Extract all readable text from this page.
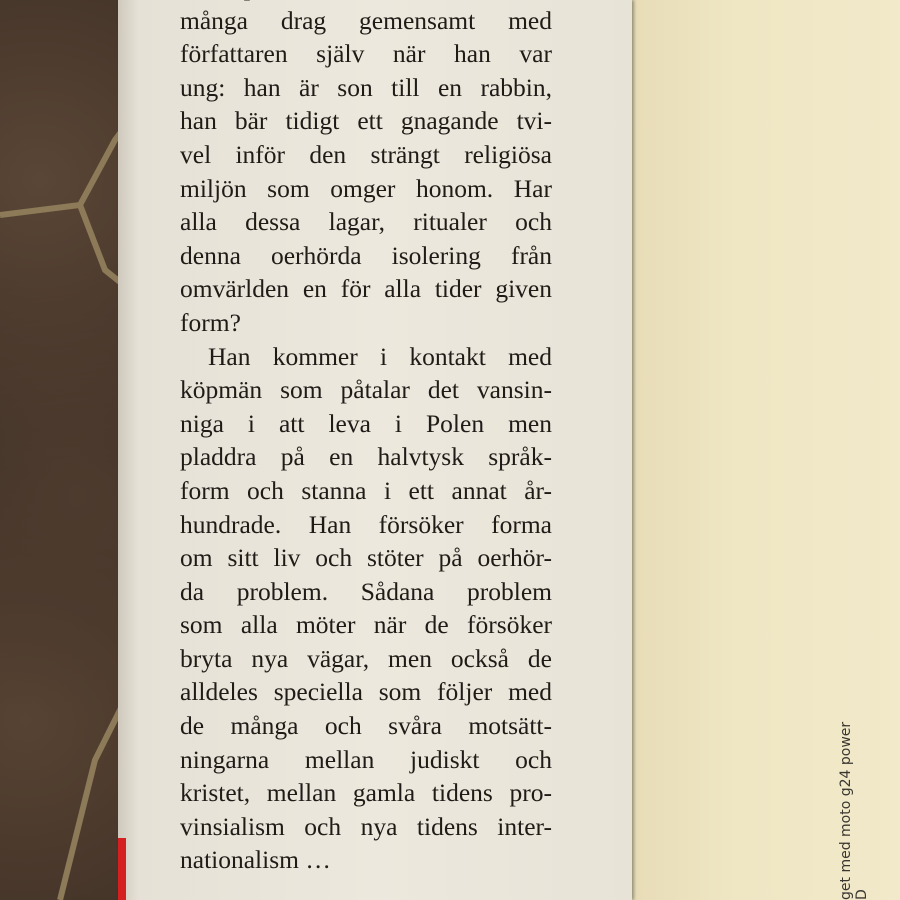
många drag gemensamt med
författaren själv när han var
ung: han är son till en rabbin,
han bär tidigt ett gnagande tvi-
vel inför den strängt religiösa
miljön som omger honom. Har
alla dessa lagar, ritualer och
denna oerhörda isolering från
omvärlden en för alla tider given
form?
Han kommer i kontakt med
köpmän som påtalar det vansin-
niga i att leva i Polen men
pladdra på en halvtysk språk-
form och stanna i ett annat år-
hundrade. Han försöker forma
om sitt liv och stöter på oerhör-
da problem. Sådana problem
som alla möter när de försöker
bryta nya vägar, men också de
alldeles speciella som följer med
de många och svåra motsätt-
ningarna mellan judiskt och
kristet, mellan gamla tidens pro-
vinsialism och nya tidens inter-
nationalism …	get med moto g24 power D
